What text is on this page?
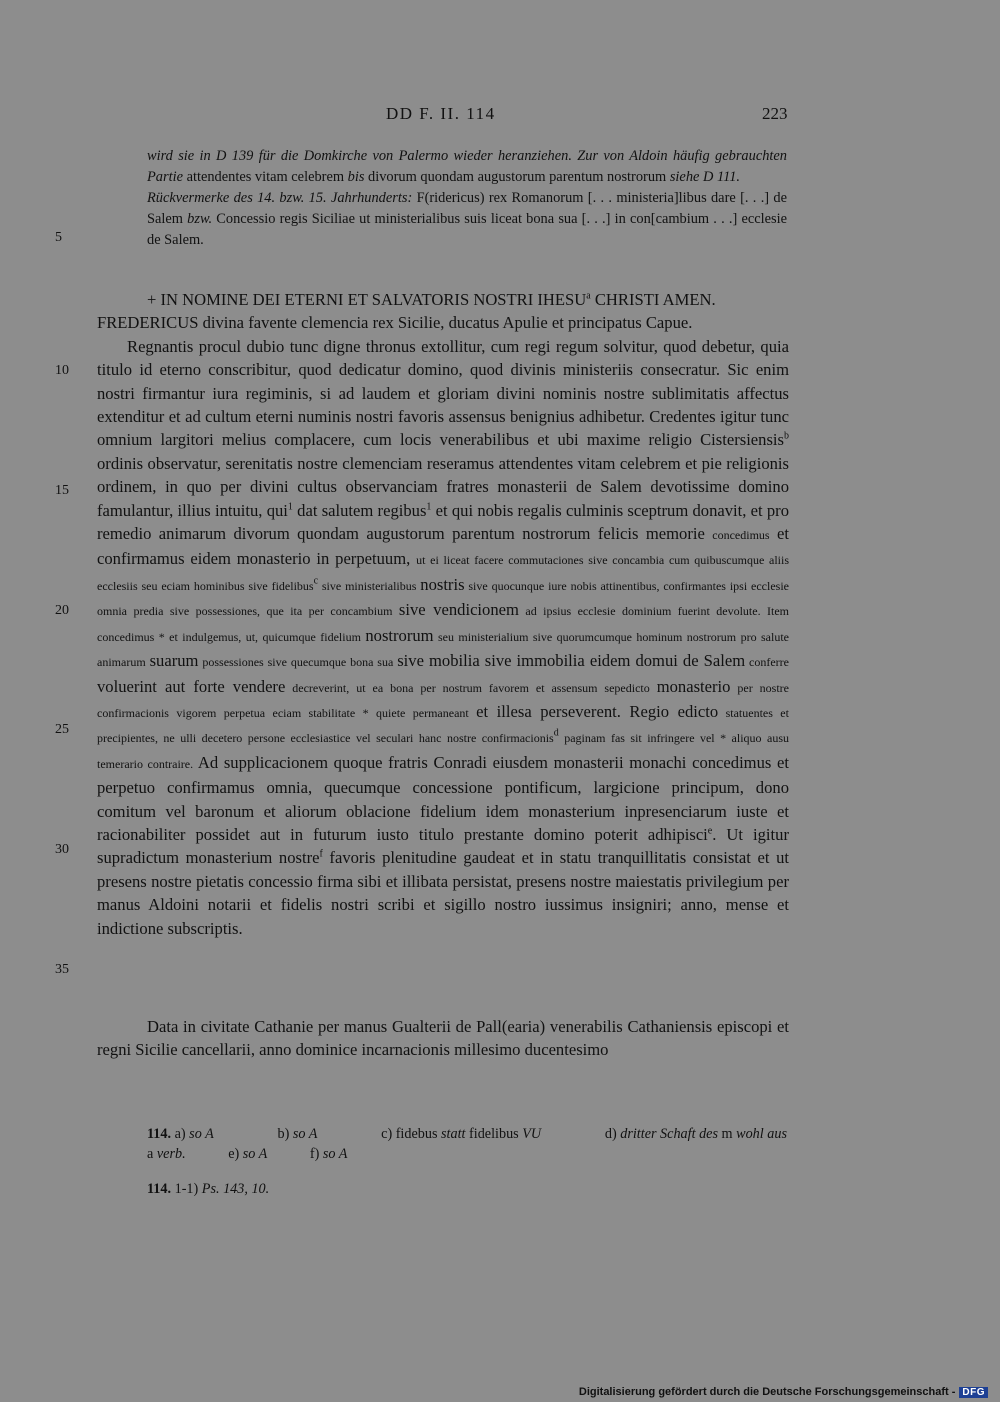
DD F. II. 114	223

wird sie in D 139 für die Domkirche von Palermo wieder heranziehen. Zur von Aldoin häufig gebrauchten Partie attendentes vitam celebrem bis divorum quondam augustorum parentum nostrorum siehe D 111.

Rückvermerke des 14. bzw. 15. Jahrhunderts: F(ridericus) rex Romanorum [. . . ministeria]libus dare [. . .] de Salem bzw. Concessio regis Siciliae ut ministerialibus suis liceat bona sua [. . .] in con[cambium . . .] ecclesie de Salem.

5
10
15
20
25
30
35

+ IN NOMINE DEI ETERNI ET SALVATORIS NOSTRI IHESU$^a$ CHRISTI AMEN.

FREDERICUS divina favente clemencia rex Sicilie, ducatus Apulie et principatus Capue.

Regnantis procul dubio tunc digne thronus extollitur, cum regi regum solvitur, quod debetur, quia titulo id eterno conscribitur, quod dedicatur domino, quod divinis ministeriis consecratur. Sic enim nostri firmantur iura regiminis, si ad laudem et gloriam divini nominis nostre sublimitatis affectus extenditur et ad cultum eterni numinis nostri favoris assensus benignius adhibetur. Credentes igitur tunc omnium largitori melius complacere, cum locis venerabilibus et ubi maxime religio Cistersiensis$^b$ ordinis observatur, serenitatis nostre clemenciam reseramus attendentes vitam celebrem et pie religionis ordinem, in quo per divini cultus observanciam fratres monasterii de Salem devotissime domino famulantur, illius intuitu, qui$^1$ dat salutem regibus$^1$ et qui nobis regalis culminis sceptrum donavit, et pro remedio animarum divorum quondam augustorum parentum nostrorum felicis memorie concedimus et confirmamus eidem monasterio in perpetuum, ut ei liceat facere commutaciones sive concambia cum quibuscumque aliis ecclesiis seu eciam hominibus sive fidelibus$^c$ sive ministerialibus nostris sive quocunque iure nobis attinentibus, confirmantes ipsi ecclesie omnia predia sive possessiones, que ita per concambium sive vendicionem ad ipsius ecclesie dominium fuerint devolute. Item concedimus * et indulgemus, ut, quicumque fidelium nostrorum seu ministerialium sive quorumcumque hominum nostrorum pro salute animarum suarum possessiones sive quecumque bona sua sive mobilia sive immobilia eidem domui de Salem conferre voluerint aut forte vendere decreverint, ut ea bona per nostrum favorem et assensum sepedicto monasterio per nostre confirmacionis vigorem perpetua eciam stabilitate * quiete permaneant et illesa perseverent. Regio edicto statuentes et precipientes, ne ulli decetero persone ecclesiastice vel seculari hanc nostre confirmacionis$^d$ paginam fas sit infringere vel * aliquo ausu temerario contraire. Ad supplicacionem quoque fratris Conradi eiusdem monasterii monachi concedimus et perpetuo confirmamus omnia, quecumque concessione pontificum, largicione principum, dono comitum vel baronum et aliorum oblacione fidelium idem monasterium inpresenciarum iuste et racionabiliter possidet aut in futurum iusto titulo prestante domino poterit adhipisci$^e$. Ut igitur supradictum monasterium nostre$^f$ favoris plenitudine gaudeat et in statu tranquillitatis consistat et ut presens nostre pietatis concessio firma sibi et illibata persistat, presens nostre maiestatis privilegium per manus Aldoini notarii et fidelis nostri scribi et sigillo nostro iussimus insigniri; anno, mense et indictione subscriptis.

Data in civitate Cathanie per manus Gualterii de Pall(earia) venerabilis Cathaniensis episcopi et regni Sicilie cancellarii, anno dominice incarnacionis millesimo ducentesimo

114. a) so A	b) so A	c) fidebus statt fidelibus VU	d) dritter Schaft des m wohl aus

a verb.	e) so A	f) so A

114. 1-1) Ps. 143, 10.
Digitalisierung gefördert durch die Deutsche Forschungsgemeinschaft - DFG
